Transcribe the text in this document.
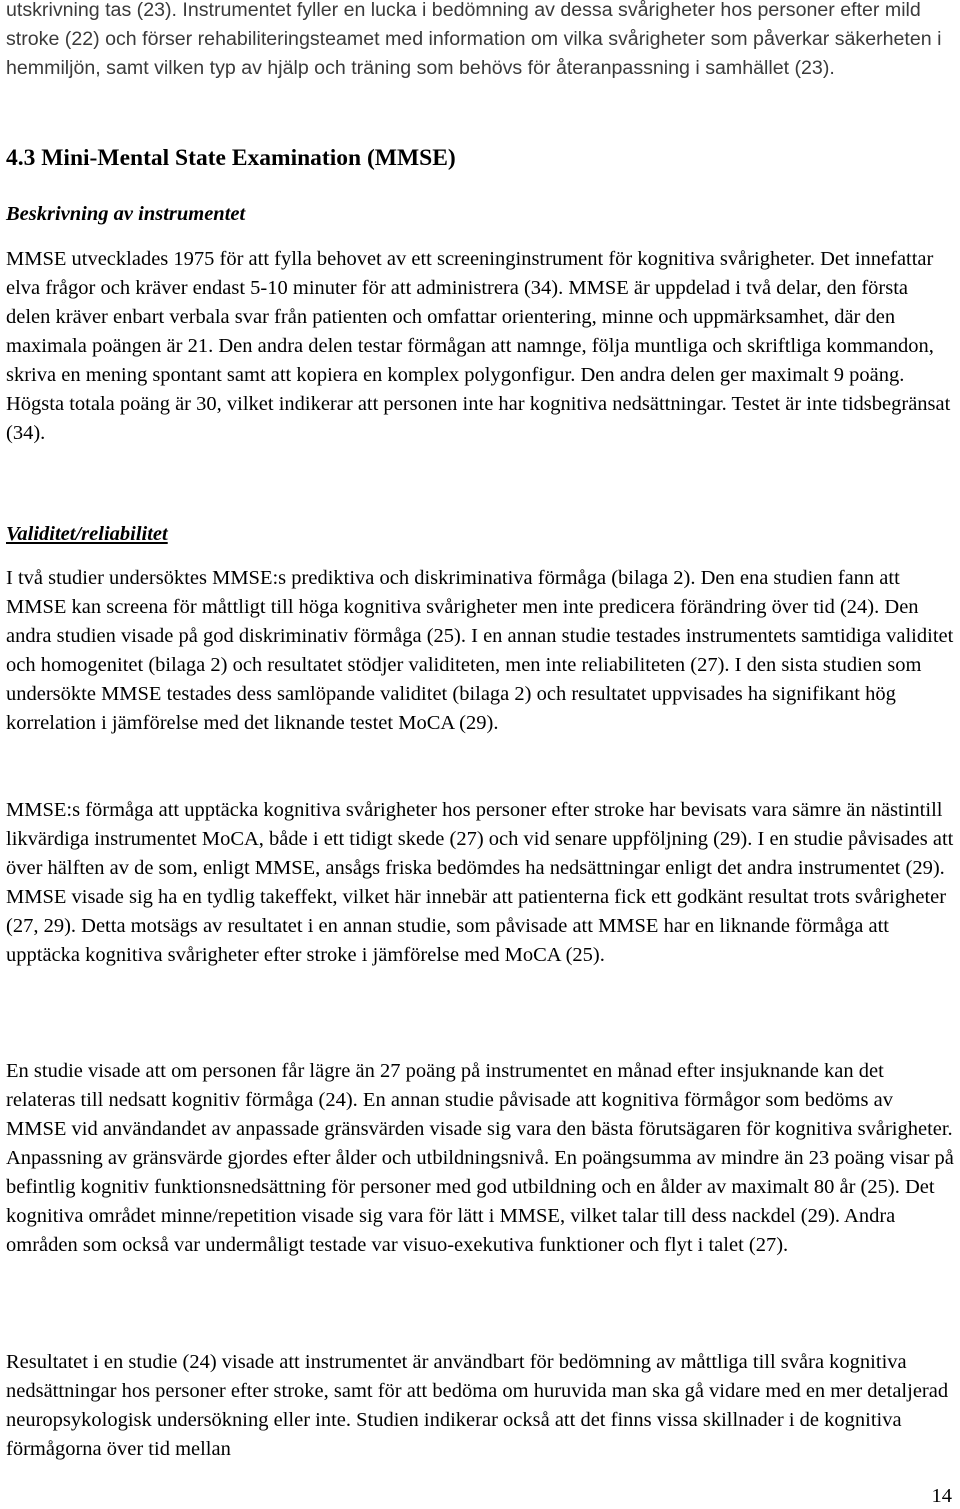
utskrivning tas (23). Instrumentet fyller en lucka i bedömning av dessa svårigheter hos personer efter mild stroke (22) och förser rehabiliteringsteamet med information om vilka svårigheter som påverkar säkerheten i hemmiljön, samt vilken typ av hjälp och träning som behövs för återanpassning i samhället (23).

4.3 Mini-Mental State Examination (MMSE)
Beskrivning av instrumentet

MMSE utvecklades 1975 för att fylla behovet av ett screeninginstrument för kognitiva svårigheter. Det innefattar elva frågor och kräver endast 5-10 minuter för att administrera (34). MMSE är uppdelad i två delar, den första delen kräver enbart verbala svar från patienten och omfattar orientering, minne och uppmärksamhet, där den maximala poängen är 21. Den andra delen testar förmågan att namnge, följa muntliga och skriftliga kommandon, skriva en mening spontant samt att kopiera en komplex polygonfigur. Den andra delen ger maximalt 9 poäng. Högsta totala poäng är 30, vilket indikerar att personen inte har kognitiva nedsättningar. Testet är inte tidsbegränsat (34).

Validitet/reliabilitet

I två studier undersöktes MMSE:s prediktiva och diskriminativa förmåga (bilaga 2). Den ena studien fann att MMSE kan screena för måttligt till höga kognitiva svårigheter men inte predicera förändring över tid (24). Den andra studien visade på god diskriminativ förmåga (25). I en annan studie testades instrumentets samtidiga validitet och homogenitet (bilaga 2) och resultatet stödjer validiteten, men inte reliabiliteten (27). I den sista studien som undersökte MMSE testades dess samlöpande validitet (bilaga 2) och resultatet uppvisades ha signifikant hög korrelation i jämförelse med det liknande testet MoCA (29).

MMSE:s förmåga att upptäcka kognitiva svårigheter hos personer efter stroke har bevisats vara sämre än nästintill likvärdiga instrumentet MoCA, både i ett tidigt skede (27) och vid senare uppföljning (29). I en studie påvisades att över hälften av de som, enligt MMSE, ansågs friska bedömdes ha nedsättningar enligt det andra instrumentet (29). MMSE visade sig ha en tydlig takeffekt, vilket här innebär att patienterna fick ett godkänt resultat trots svårigheter (27, 29). Detta motsägs av resultatet i en annan studie, som påvisade att MMSE har en liknande förmåga att upptäcka kognitiva svårigheter efter stroke i jämförelse med MoCA (25).

En studie visade att om personen får lägre än 27 poäng på instrumentet en månad efter insjuknande kan det relateras till nedsatt kognitiv förmåga (24). En annan studie påvisade att kognitiva förmågor som bedöms av MMSE vid användandet av anpassade gränsvärden visade sig vara den bästa förutsägaren för kognitiva svårigheter. Anpassning av gränsvärde gjordes efter ålder och utbildningsnivå. En poängsumma av mindre än 23 poäng visar på befintlig kognitiv funktionsnedsättning för personer med god utbildning och en ålder av maximalt 80 år (25). Det kognitiva området minne/repetition visade sig vara för lätt i MMSE, vilket talar till dess nackdel (29). Andra områden som också var undermåligt testade var visuo-exekutiva funktioner och flyt i talet (27).

Resultatet i en studie (24) visade att instrumentet är användbart för bedömning av måttliga till svåra kognitiva nedsättningar hos personer efter stroke, samt för att bedöma om huruvida man ska gå vidare med en mer detaljerad neuropsykologisk undersökning eller inte. Studien indikerar också att det finns vissa skillnader i de kognitiva förmågorna över tid mellan

14
